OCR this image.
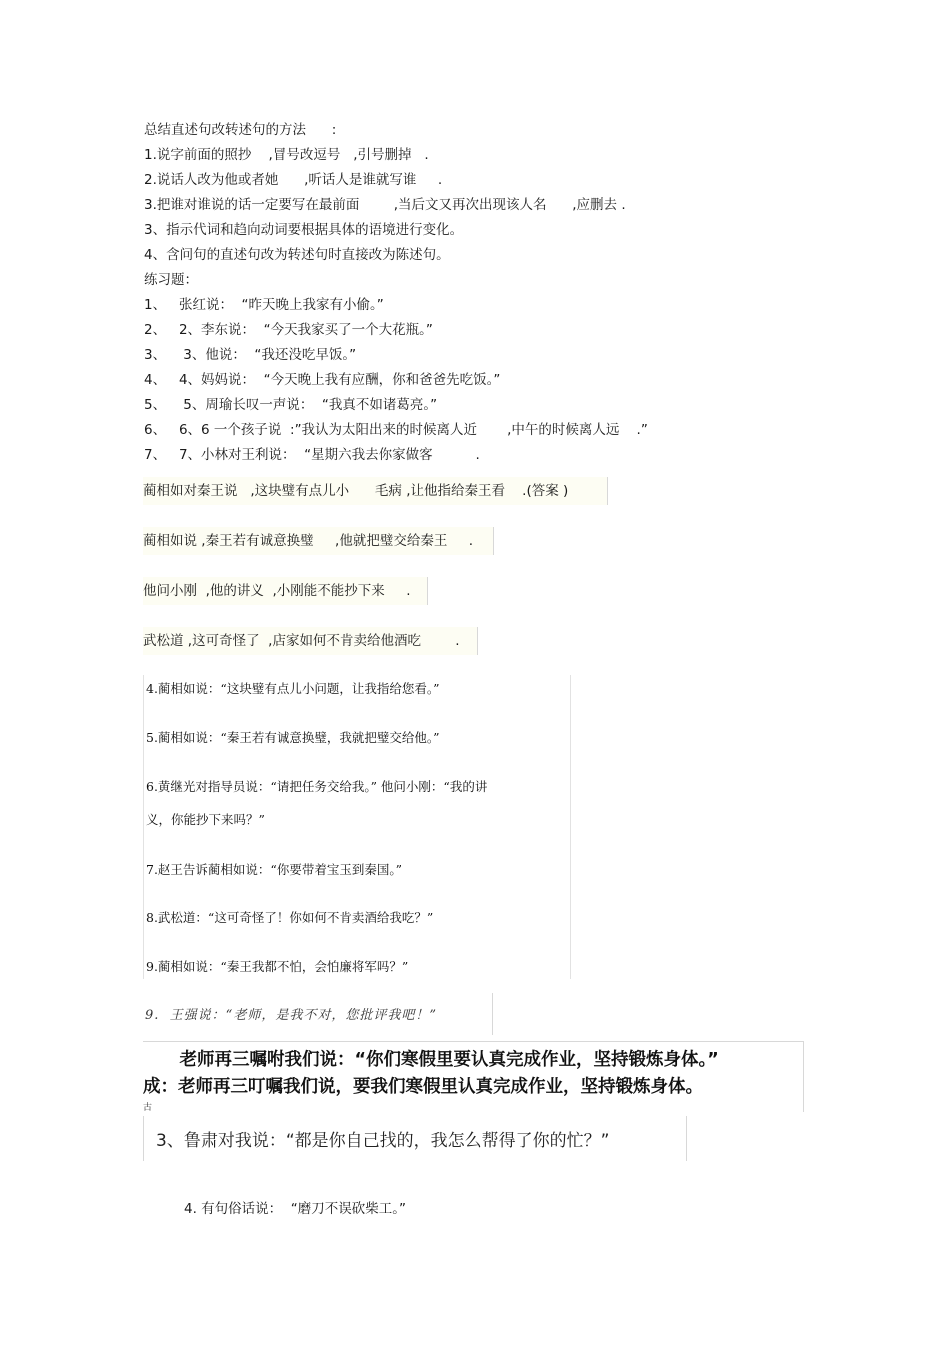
总结直述句改转述句的方法      :
1.说字前面的照抄    ,冒号改逗号   ,引号删掉   .
2.说话人改为他或者她      ,听话人是谁就写谁     .
3.把谁对谁说的话一定要写在最前面        ,当后文又再次出现该人名      ,应删去 .
3、指示代词和趋向动词要根据具体的语境进行变化。
4、含问句的直述句改为转述句时直接改为陈述句。
练习题：
1、   张红说：  “昨天晚上我家有小偷。”
2、   2、李东说：  “今天我家买了一个大花瓶。”
3、    3、他说：  “我还没吃早饭。”
4、   4、妈妈说：  “今天晚上我有应酬，你和爸爸先吃饭。”
5、    5、周瑜长叹一声说：  “我真不如诸葛亮。”
6、   6、6 一个孩子说  :”我认为太阳出来的时候离人近       ,中午的时候离人远    .”
7、   7、小林对王利说：  “星期六我去你家做客          .
蔺相如对秦王说   ,这块璧有点儿小      毛病 ,让他指给秦王看    .(答案 )
蔺相如说 ,秦王若有诚意换璧     ,他就把璧交给秦王     .
他问小刚  ,他的讲义  ,小刚能不能抄下来     .
武松道 ,这可奇怪了  ,店家如何不肯卖给他酒吃        .
4.蔺相如说：“这块璧有点儿小问题，让我指给您看。”
5.蔺相如说：“秦王若有诚意换璧，我就把璧交给他。”
6.黄继光对指导员说：“请把任务交给我。” 他问小刚：“我的讲
义，你能抄下来吗？”
7.赵王告诉蔺相如说：“你要带着宝玉到秦国。”
8.武松道：“这可奇怪了！你如何不肯卖酒给我吃？”
9.蔺相如说：“秦王我都不怕，会怕廉将军吗？”
9.  王强说：“老师，是我不对，您批评我吧！”
老师再三嘱咐我们说：“你们寒假里要认真完成作业，坚持锻炼身体。”
成：老师再三叮嘱我们说，要我们寒假里认真完成作业，坚持锻炼身体。
古
3、鲁肃对我说：“都是你自己找的，我怎么帮得了你的忙？”
4. 有句俗话说：  “磨刀不误砍柴工。”
